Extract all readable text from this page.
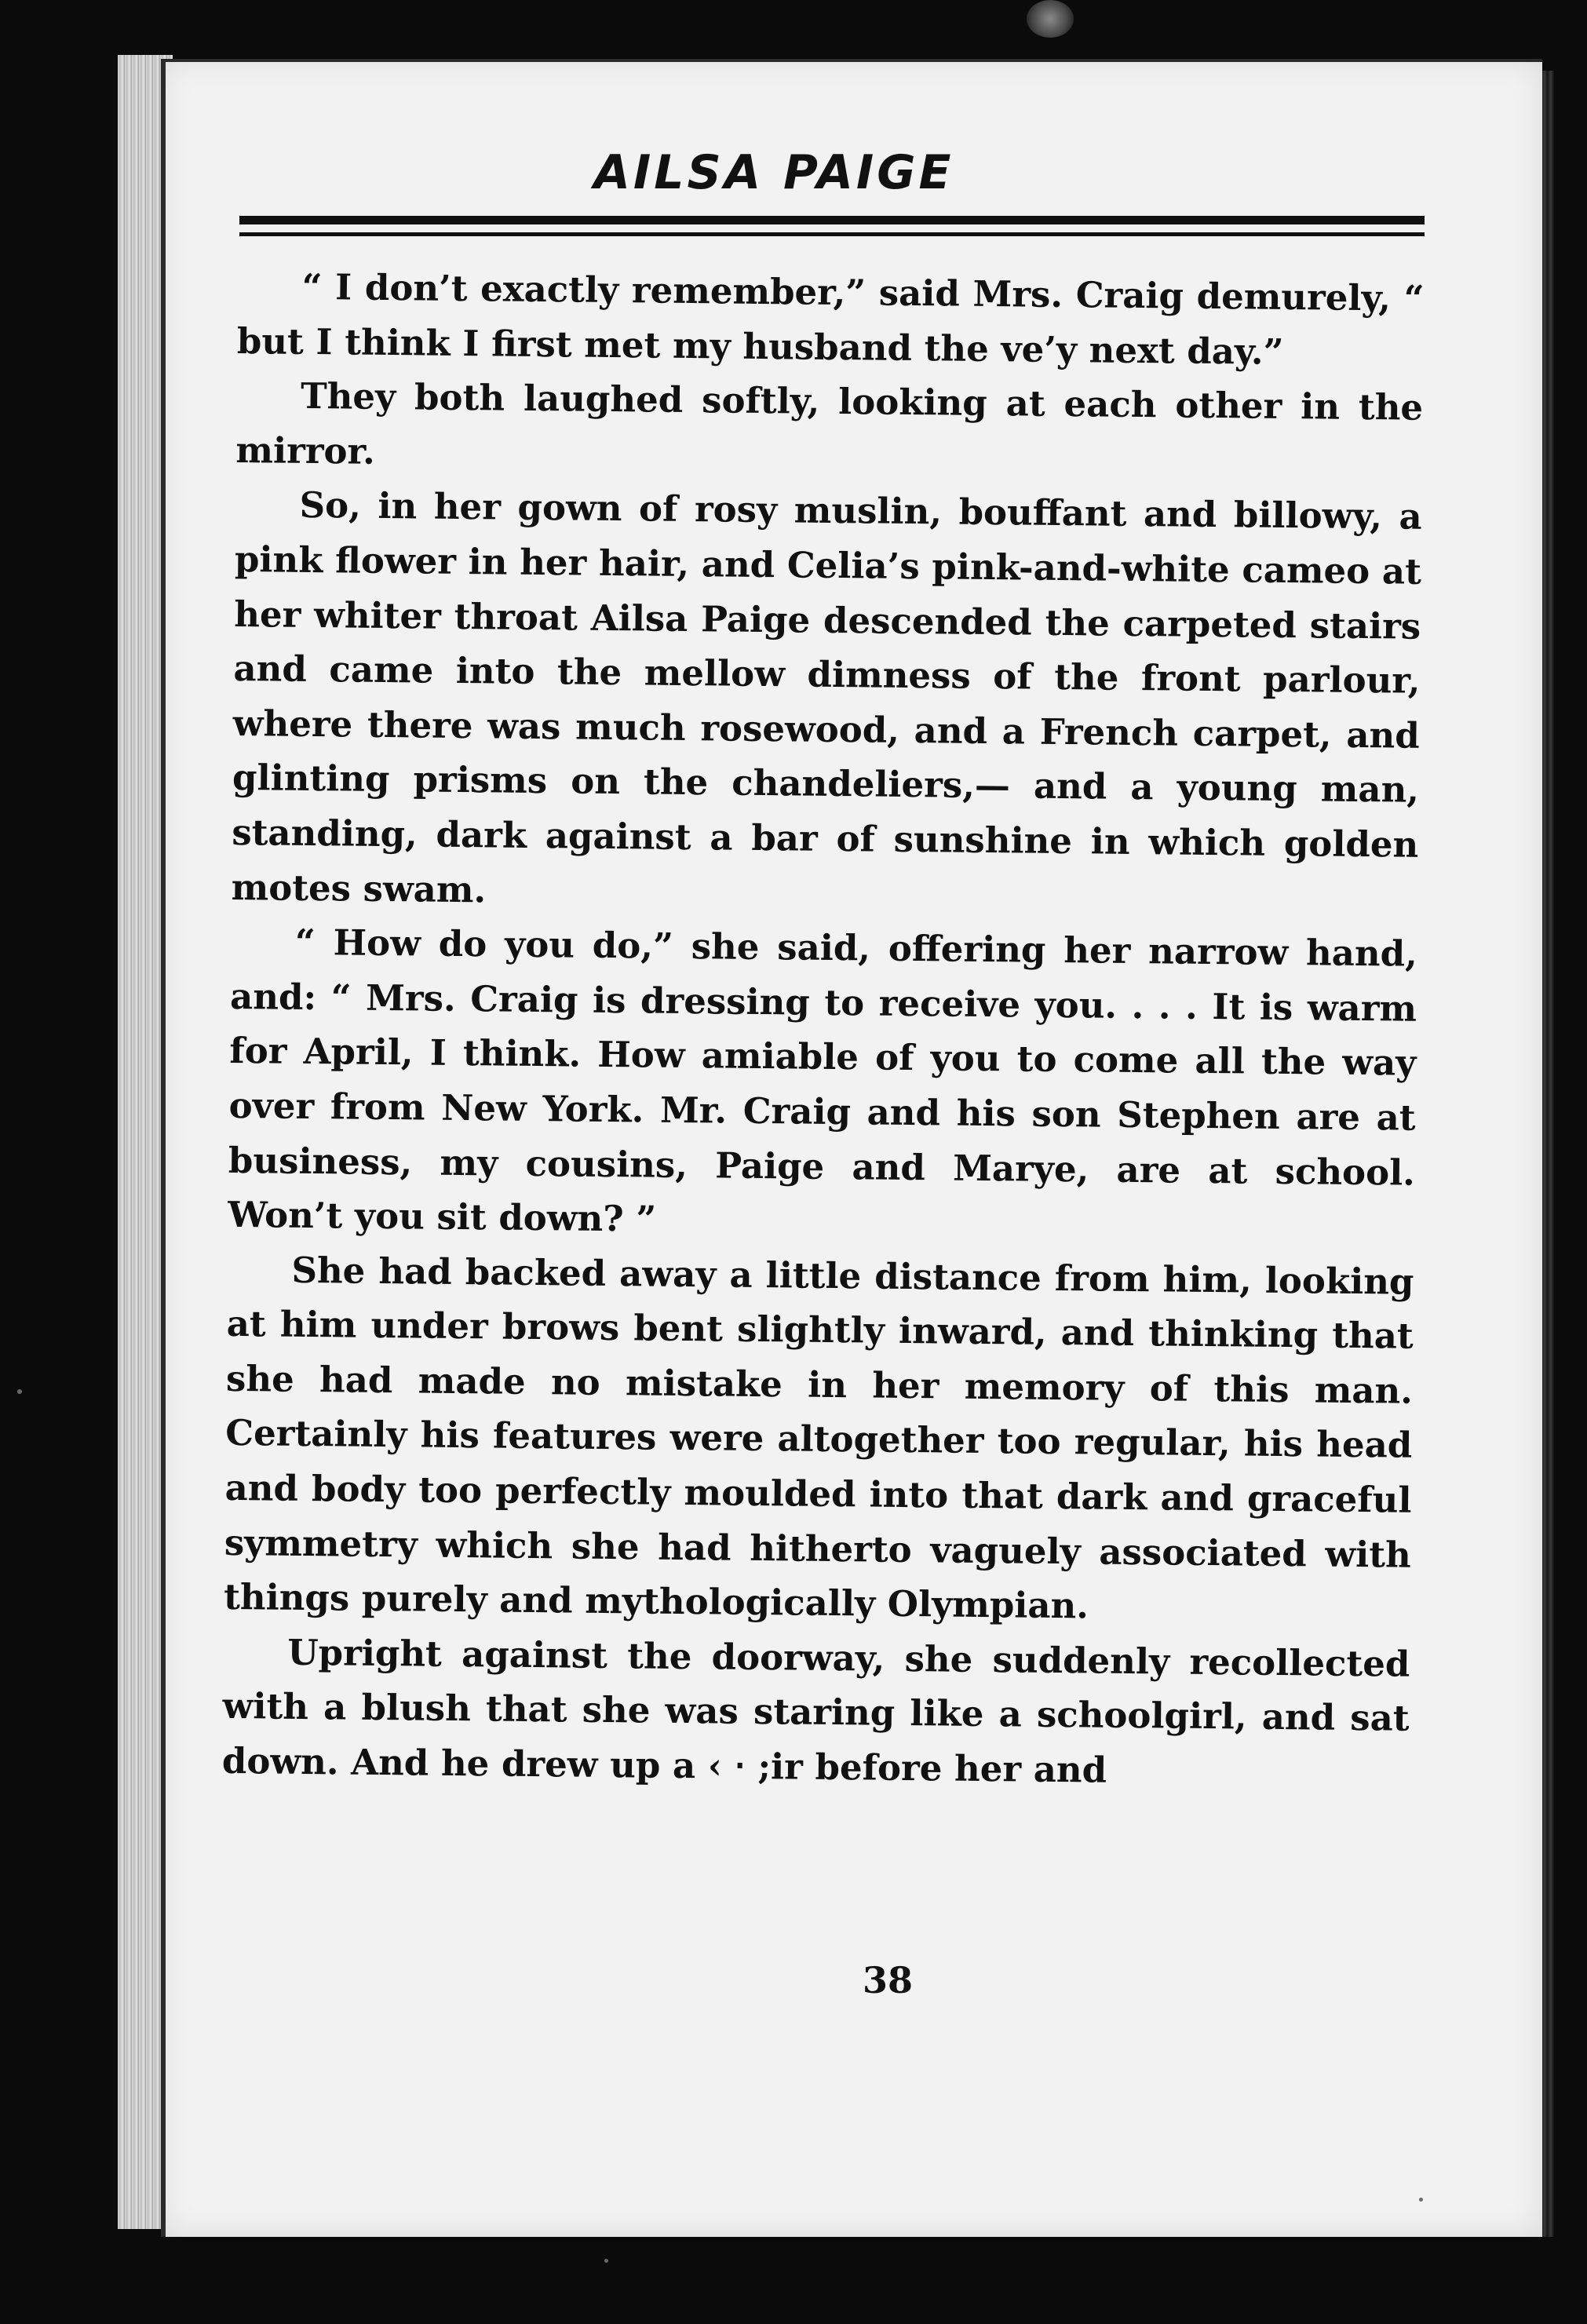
AILSA PAIGE

“ I don’t exactly remember,” said Mrs. Craig demurely, “ but I think I first met my husband the ve’y next day.”

They both laughed softly, looking at each other in the mirror.

So, in her gown of rosy muslin, bouffant and billowy, a pink flower in her hair, and Celia’s pink-and-white cameo at her whiter throat Ailsa Paige descended the carpeted stairs and came into the mellow dimness of the front parlour, where there was much rosewood, and a French carpet, and glinting prisms on the chandeliers,— and a young man, standing, dark against a bar of sunshine in which golden motes swam.

“ How do you do,” she said, offering her narrow hand, and: “ Mrs. Craig is dressing to receive you. . . . It is warm for April, I think. How amiable of you to come all the way over from New York. Mr. Craig and his son Stephen are at business, my cousins, Paige and Marye, are at school. Won’t you sit down? ”

She had backed away a little distance from him, looking at him under brows bent slightly inward, and thinking that she had made no mistake in her memory of this man. Certainly his features were altogether too regular, his head and body too perfectly moulded into that dark and graceful symmetry which she had hitherto vaguely associated with things purely and mythologically Olympian.

Upright against the doorway, she suddenly recollected with a blush that she was staring like a schoolgirl, and sat down. And he drew up a ‹ ‧ ;ir before her and

38
